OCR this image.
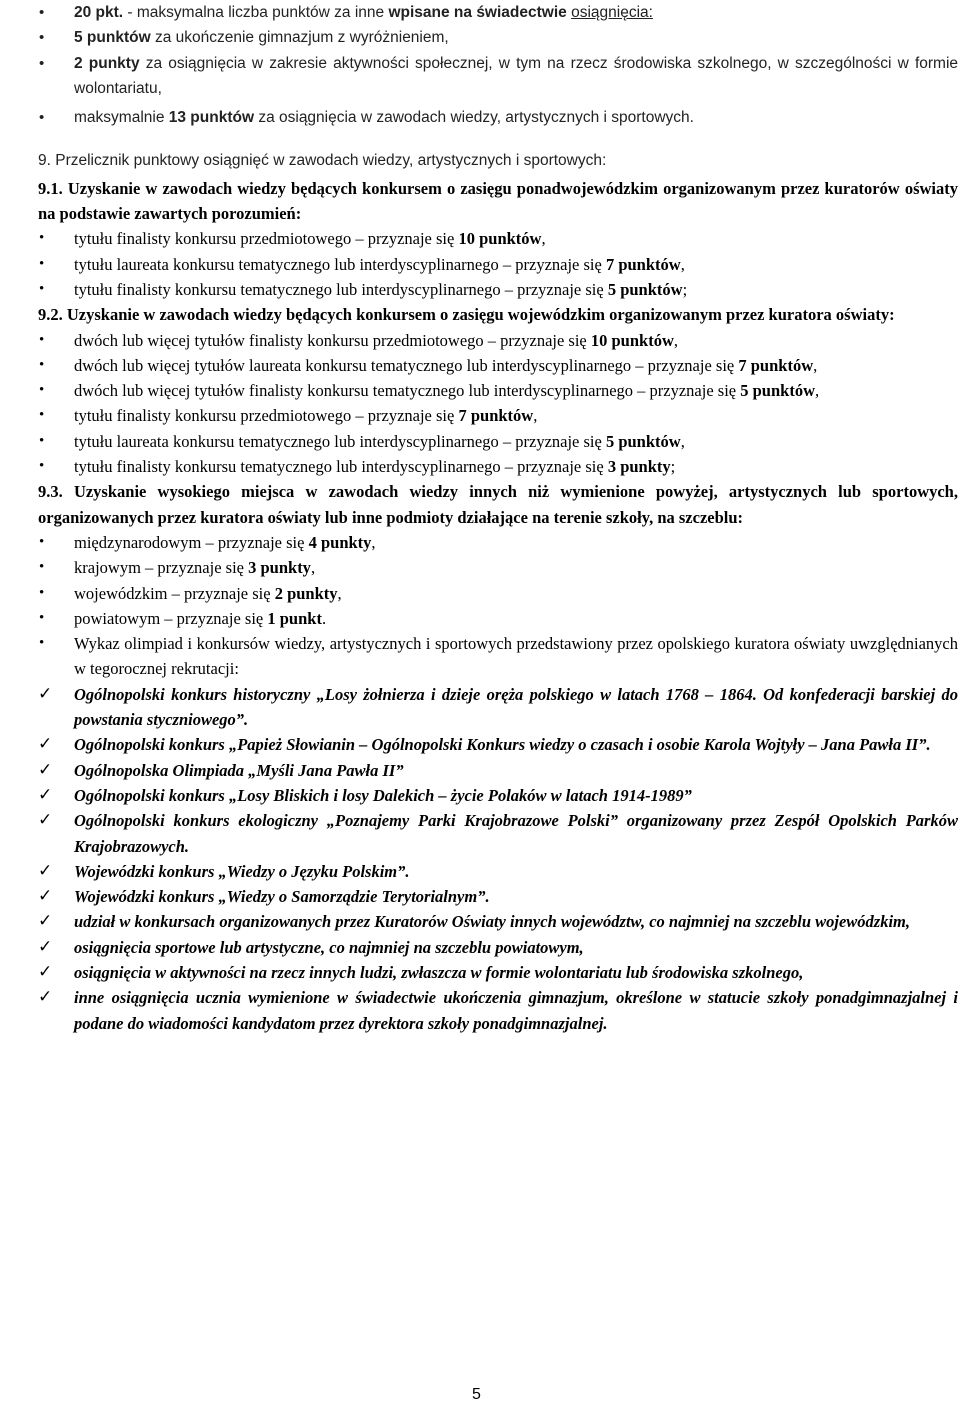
• 20 pkt. - maksymalna liczba punktów za inne wpisane na świadectwie osiągnięcia:
• 5 punktów za ukończenie gimnazjum z wyróżnieniem,
• 2 punkty za osiągnięcia w zakresie aktywności społecznej, w tym na rzecz środowiska szkolnego, w szczególności w formie wolontariatu,
• maksymalnie 13 punktów za osiągnięcia w zawodach wiedzy, artystycznych i sportowych.
9. Przelicznik punktowy osiągnięć w zawodach wiedzy, artystycznych i sportowych:
9.1. Uzyskanie w zawodach wiedzy będących konkursem o zasięgu ponadwojewódzkim organizowanym przez kuratorów oświaty na podstawie zawartych porozumień:
• tytułu finalisty konkursu przedmiotowego – przyznaje się 10 punktów,
• tytułu laureata konkursu tematycznego lub interdyscyplinarnego – przyznaje się 7 punktów,
• tytułu finalisty konkursu tematycznego lub interdyscyplinarnego – przyznaje się 5 punktów;
9.2. Uzyskanie w zawodach wiedzy będących konkursem o zasięgu wojewódzkim organizowanym przez kuratora oświaty:
• dwóch lub więcej tytułów finalisty konkursu przedmiotowego – przyznaje się 10 punktów,
• dwóch lub więcej tytułów laureata konkursu tematycznego lub interdyscyplinarnego – przyznaje się 7 punktów,
• dwóch lub więcej tytułów finalisty konkursu tematycznego lub interdyscyplinarnego – przyznaje się 5 punktów,
• tytułu finalisty konkursu przedmiotowego – przyznaje się 7 punktów,
• tytułu laureata konkursu tematycznego lub interdyscyplinarnego – przyznaje się 5 punktów,
• tytułu finalisty konkursu tematycznego lub interdyscyplinarnego – przyznaje się 3 punkty;
9.3. Uzyskanie wysokiego miejsca w zawodach wiedzy innych niż wymienione powyżej, artystycznych lub sportowych, organizowanych przez kuratora oświaty lub inne podmioty działające na terenie szkoły, na szczeblu:
• międzynarodowym – przyznaje się 4 punkty,
• krajowym – przyznaje się 3 punkty,
• wojewódzkim – przyznaje się 2 punkty,
• powiatowym – przyznaje się 1 punkt.
• Wykaz olimpiad i konkursów wiedzy, artystycznych i sportowych przedstawiony przez opolskiego kuratora oświaty uwzględnianych w tegorocznej rekrutacji:
✓ Ogólnopolski konkurs historyczny „Losy żołnierza i dzieje oręża polskiego w latach 1768 – 1864. Od konfederacji barskiej do powstania styczniowego”.
✓ Ogólnopolski konkurs „Papież Słowianin – Ogólnopolski Konkurs wiedzy o czasach i osobie Karola Wojtyły – Jana Pawła II”.
✓ Ogólnopolska Olimpiada „Myśli Jana Pawła II”
✓ Ogólnopolski konkurs „Losy Bliskich i losy Dalekich – życie Polaków w latach 1914-1989”
✓ Ogólnopolski konkurs ekologiczny „Poznajemy Parki Krajobrazowe Polski” organizowany przez Zespół Opolskich Parków Krajobrazowych.
✓ Wojewódzki konkurs „Wiedzy o Języku Polskim”.
✓ Wojewódzki konkurs „Wiedzy o Samorządzie Terytorialnym”.
✓ udział w konkursach organizowanych przez Kuratorów Oświaty innych województw, co najmniej na szczeblu wojewódzkim,
✓ osiągnięcia sportowe lub artystyczne, co najmniej na szczeblu powiatowym,
✓ osiągnięcia w aktywności na rzecz innych ludzi, zwłaszcza w formie wolontariatu lub środowiska szkolnego,
✓ inne osiągnięcia ucznia wymienione w świadectwie ukończenia gimnazjum, określone w statucie szkoły ponadgimnazjalnej i podane do wiadomości kandydatom przez dyrektora szkoły ponadgimnazjalnej.
5
